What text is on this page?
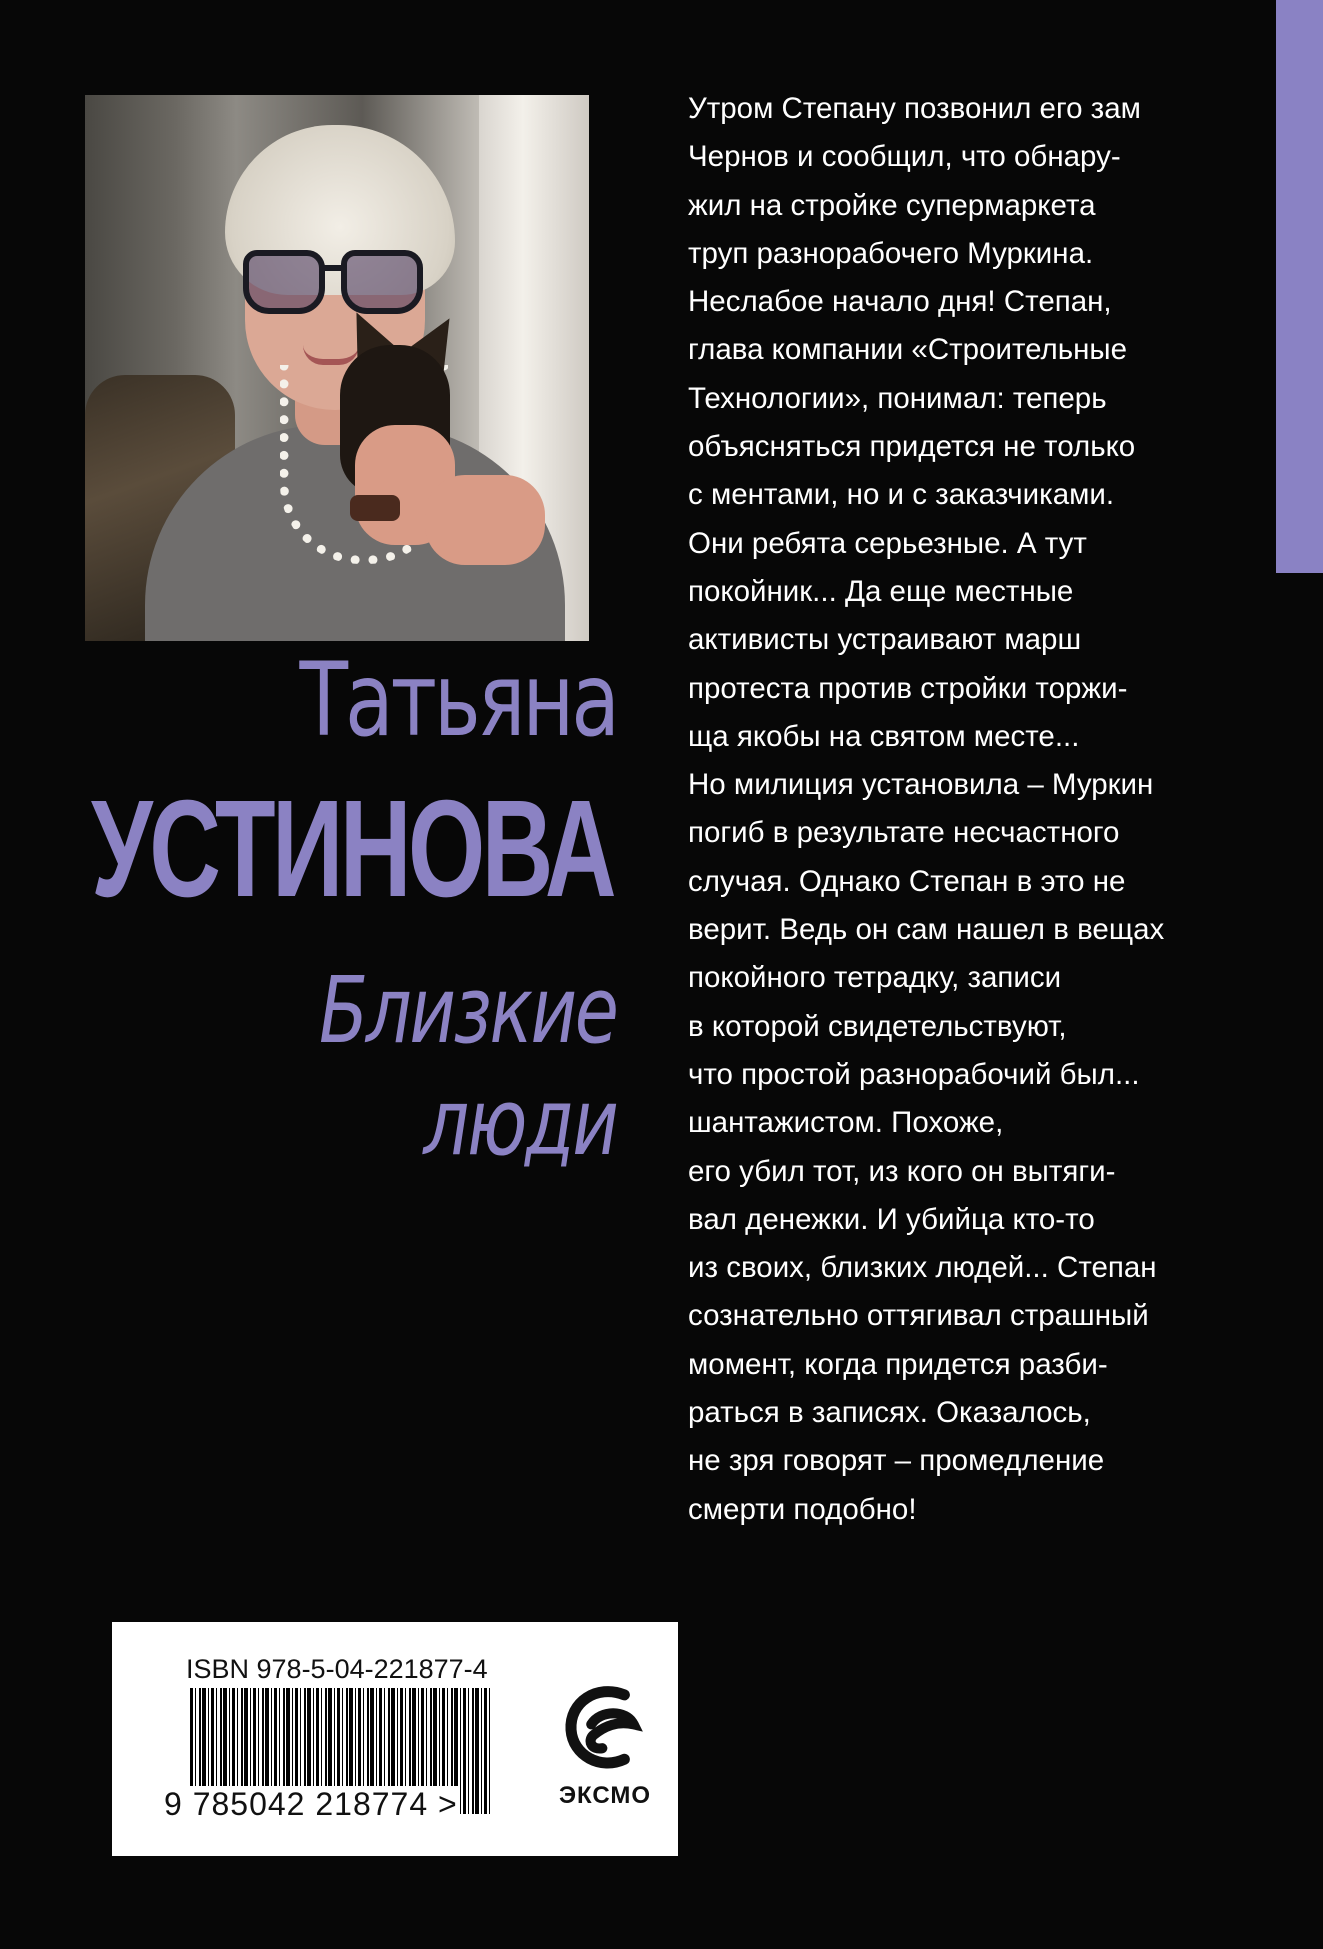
Татьяна
УСТИНОВА
Близкие
люди
Утром Степану позвонил его зам
Чернов и сообщил, что обнару-
жил на стройке супермаркета
труп разнорабочего Муркина.
Неслабое начало дня! Степан,
глава компании «Строительные
Технологии», понимал: теперь
объясняться придется не только
с ментами, но и с заказчиками.
Они ребята серьезные. А тут
покойник... Да еще местные
активисты устраивают марш
протеста против стройки торжи-
ща якобы на святом месте...
Но милиция установила – Муркин
погиб в результате несчастного
случая. Однако Степан в это не
верит. Ведь он сам нашел в вещах
покойного тетрадку, записи
в которой свидетельствуют,
что простой разнорабочий был...
шантажистом. Похоже,
его убил тот, из кого он вытяги-
вал денежки. И убийца кто-то
из своих, близких людей... Степан
сознательно оттягивал страшный
момент, когда придется разби-
раться в записях. Оказалось,
не зря говорят – промедление
смерти подобно!
ISBN 978-5-04-221877-4
9 785042 218774 >	ЭКСМО
